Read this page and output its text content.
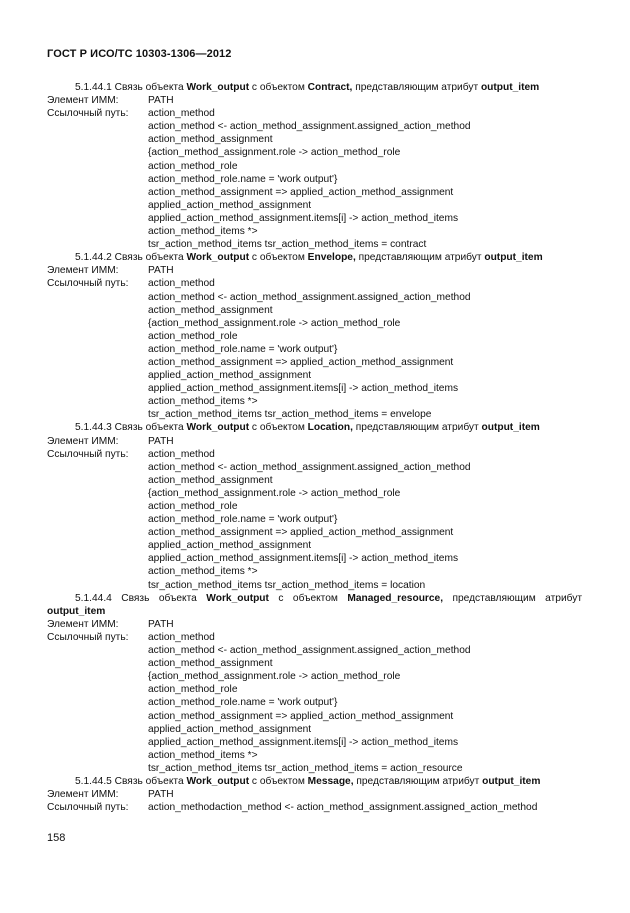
ГОСТ Р ИСО/ТС 10303-1306—2012
5.1.44.1 Связь объекта Work_output с объектом Contract, представляющим атрибут output_item
Элемент ИММ:	PATH
Ссылочный путь:	action_method
action_method <- action_method_assignment.assigned_action_method
action_method_assignment
{action_method_assignment.role -> action_method_role
action_method_role
action_method_role.name = 'work output'}
action_method_assignment => applied_action_method_assignment
applied_action_method_assignment
applied_action_method_assignment.items[i] -> action_method_items
action_method_items *>
tsr_action_method_items tsr_action_method_items = contract
5.1.44.2 Связь объекта Work_output с объектом Envelope, представляющим атрибут output_item
Элемент ИММ:	PATH
Ссылочный путь:	action_method
action_method <- action_method_assignment.assigned_action_method
action_method_assignment
{action_method_assignment.role -> action_method_role
action_method_role
action_method_role.name = 'work output'}
action_method_assignment => applied_action_method_assignment
applied_action_method_assignment
applied_action_method_assignment.items[i] -> action_method_items
action_method_items *>
tsr_action_method_items tsr_action_method_items = envelope
5.1.44.3 Связь объекта Work_output с объектом Location, представляющим атрибут output_item
Элемент ИММ:	PATH
Ссылочный путь:	action_method
action_method <- action_method_assignment.assigned_action_method
action_method_assignment
{action_method_assignment.role -> action_method_role
action_method_role
action_method_role.name = 'work output'}
action_method_assignment => applied_action_method_assignment
applied_action_method_assignment
applied_action_method_assignment.items[i] -> action_method_items
action_method_items *>
tsr_action_method_items tsr_action_method_items = location
5.1.44.4 Связь объекта Work_output с объектом Managed_resource, представляющим атрибут
output_item
Элемент ИММ:	PATH
Ссылочный путь:	action_method
action_method <- action_method_assignment.assigned_action_method
action_method_assignment
{action_method_assignment.role -> action_method_role
action_method_role
action_method_role.name = 'work output'}
action_method_assignment => applied_action_method_assignment
applied_action_method_assignment
applied_action_method_assignment.items[i] -> action_method_items
action_method_items *>
tsr_action_method_items tsr_action_method_items = action_resource
5.1.44.5 Связь объекта Work_output с объектом Message, представляющим атрибут output_item
Элемент ИММ:	PATH
Ссылочный путь:	action_methodaction_method <- action_method_assignment.assigned_action_method
158
